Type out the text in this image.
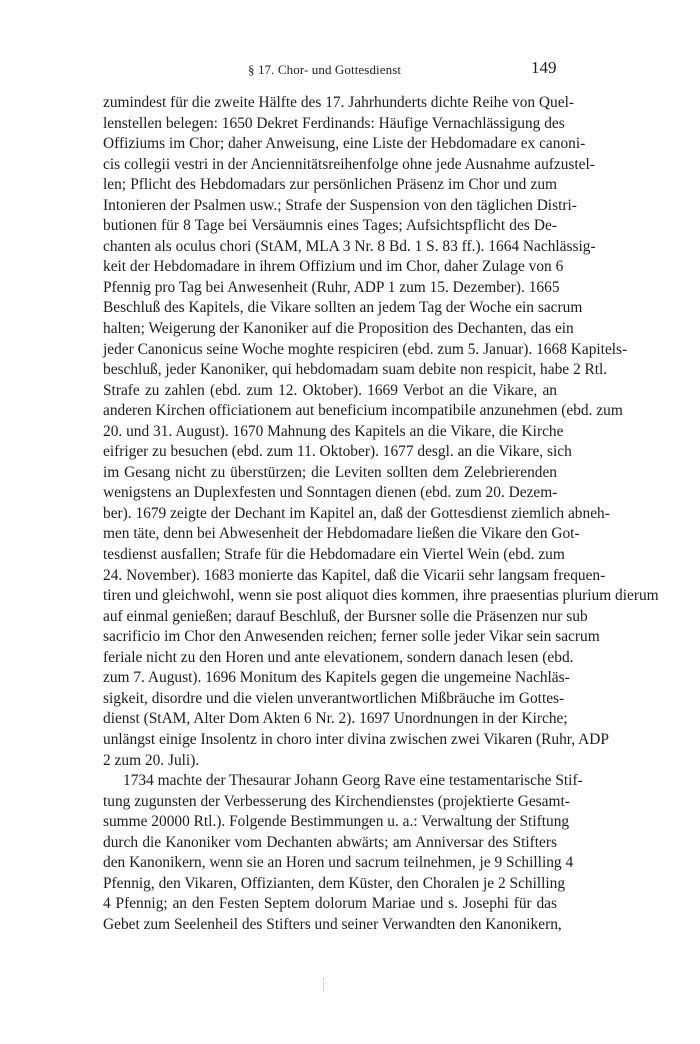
§ 17. Chor- und Gottesdienst	149
zumindest für die zweite Hälfte des 17. Jahrhunderts dichte Reihe von Quel-
lenstellen belegen: 1650 Dekret Ferdinands: Häufige Vernachlässigung des
Offiziums im Chor; daher Anweisung, eine Liste der Hebdomadare ex canoni-
cis collegii vestri in der Anciennitätsreihenfolge ohne jede Ausnahme aufzustel-
len; Pflicht des Hebdomadars zur persönlichen Präsenz im Chor und zum
Intonieren der Psalmen usw.; Strafe der Suspension von den täglichen Distri-
butionen für 8 Tage bei Versäumnis eines Tages; Aufsichtspflicht des De-
chanten als oculus chori (StAM, MLA 3 Nr. 8 Bd. 1 S. 83 ff.). 1664 Nachlässig-
keit der Hebdomadare in ihrem Offizium und im Chor, daher Zulage von 6
Pfennig pro Tag bei Anwesenheit (Ruhr, ADP 1 zum 15. Dezember). 1665
Beschluß des Kapitels, die Vikare sollten an jedem Tag der Woche ein sacrum
halten; Weigerung der Kanoniker auf die Proposition des Dechanten, das ein
jeder Canonicus seine Woche moghte respiciren (ebd. zum 5. Januar). 1668 Kapitels-
beschluß, jeder Kanoniker, qui hebdomadam suam debite non respicit, habe 2 Rtl.
Strafe zu zahlen (ebd. zum 12. Oktober). 1669 Verbot an die Vikare, an
anderen Kirchen officiationem aut beneficium incompatibile anzunehmen (ebd. zum
20. und 31. August). 1670 Mahnung des Kapitels an die Vikare, die Kirche
eifriger zu besuchen (ebd. zum 11. Oktober). 1677 desgl. an die Vikare, sich
im Gesang nicht zu überstürzen; die Leviten sollten dem Zelebrierenden
wenigstens an Duplexfesten und Sonntagen dienen (ebd. zum 20. Dezem-
ber). 1679 zeigte der Dechant im Kapitel an, daß der Gottesdienst ziemlich abneh-
men täte, denn bei Abwesenheit der Hebdomadare ließen die Vikare den Got-
tesdienst ausfallen; Strafe für die Hebdomadare ein Viertel Wein (ebd. zum
24. November). 1683 monierte das Kapitel, daß die Vicarii sehr langsam frequen-
tiren und gleichwohl, wenn sie post aliquot dies kommen, ihre praesentias plurium dierum
auf einmal genießen; darauf Beschluß, der Bursner solle die Präsenzen nur sub
sacrificio im Chor den Anwesenden reichen; ferner solle jeder Vikar sein sacrum
feriale nicht zu den Horen und ante elevationem, sondern danach lesen (ebd.
zum 7. August). 1696 Monitum des Kapitels gegen die ungemeine Nachläs-
sigkeit, disordre und die vielen unverantwortlichen Mißbräuche im Gottes-
dienst (StAM, Alter Dom Akten 6 Nr. 2). 1697 Unordnungen in der Kirche;
unlängst einige Insolentz in choro inter divina zwischen zwei Vikaren (Ruhr, ADP
2 zum 20. Juli).
1734 machte der Thesaurar Johann Georg Rave eine testamentarische Stif-
tung zugunsten der Verbesserung des Kirchendienstes (projektierte Gesamt-
summe 20000 Rtl.). Folgende Bestimmungen u. a.: Verwaltung der Stiftung
durch die Kanoniker vom Dechanten abwärts; am Anniversar des Stifters
den Kanonikern, wenn sie an Horen und sacrum teilnehmen, je 9 Schilling 4
Pfennig, den Vikaren, Offizianten, dem Küster, den Choralen je 2 Schilling
4 Pfennig; an den Festen Septem dolorum Mariae und s. Josephi für das
Gebet zum Seelenheil des Stifters und seiner Verwandten den Kanonikern,
